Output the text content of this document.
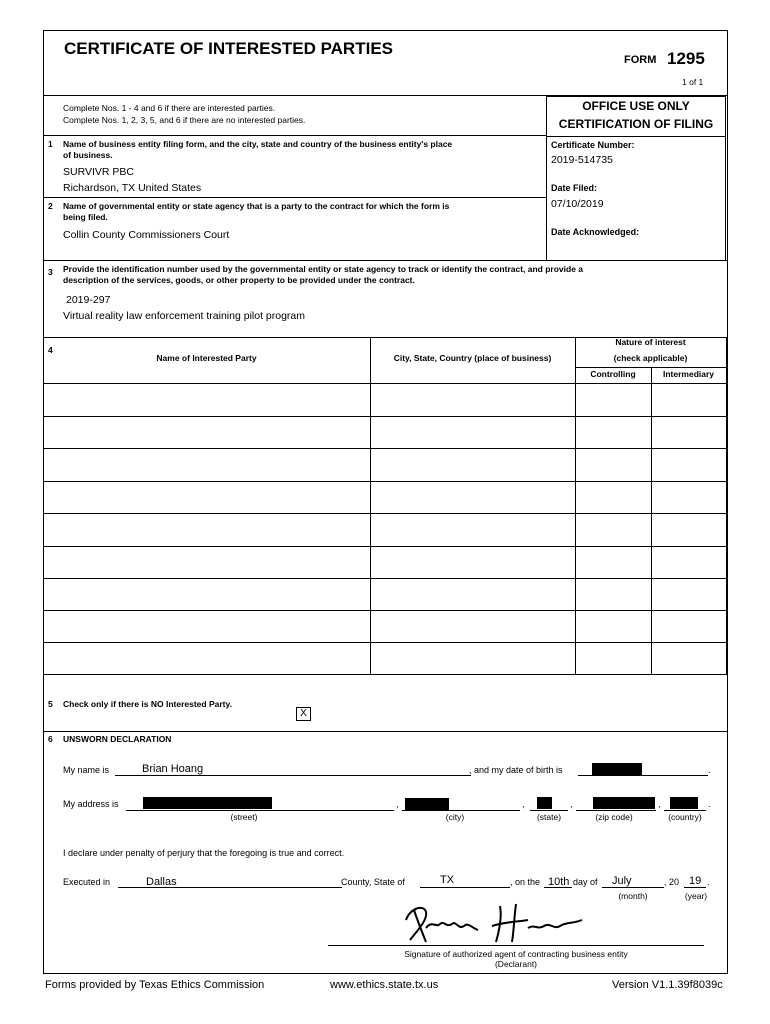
CERTIFICATE OF INTERESTED PARTIES
FORM 1295
1 of 1
Complete Nos. 1 - 4 and 6 if there are interested parties.
Complete Nos. 1, 2, 3, 5, and 6 if there are no interested parties.
OFFICE USE ONLY
CERTIFICATION OF FILING
Certificate Number:
2019-514735
Date Filed:
07/10/2019
Date Acknowledged:
1 Name of business entity filing form, and the city, state and country of the business entity's place
of business.
SURVIVR PBC
Richardson, TX United States
2 Name of governmental entity or state agency that is a party to the contract for which the form is
being filed.
Collin County Commissioners Court
3 Provide the identification number used by the governmental entity or state agency to track or identify the contract, and provide a
description of the services, goods, or other property to be provided under the contract.
2019-297
Virtual reality law enforcement training pilot program
4
Name of Interested Party	City, State, Country (place of business)
Nature of interest
(check applicable)
Controlling	Intermediary
5 Check only if there is NO Interested Party.
X
6 UNSWORN DECLARATION
My name is	Brian Hoang	, and my date of birth is	.
My address is	,	,	,	,	.
(street)	(city)	(state)	(zip code)	(country)
I declare under penalty of perjury that the foregoing is true and correct.
Executed in	Dallas	County, State of	TX	, on the 10th day of July	, 20 19 .
(month)	(year)
Signature of authorized agent of contracting business entity
(Declarant)
Forms provided by Texas Ethics Commission	www.ethics.state.tx.us	Version V1.1.39f8039c
